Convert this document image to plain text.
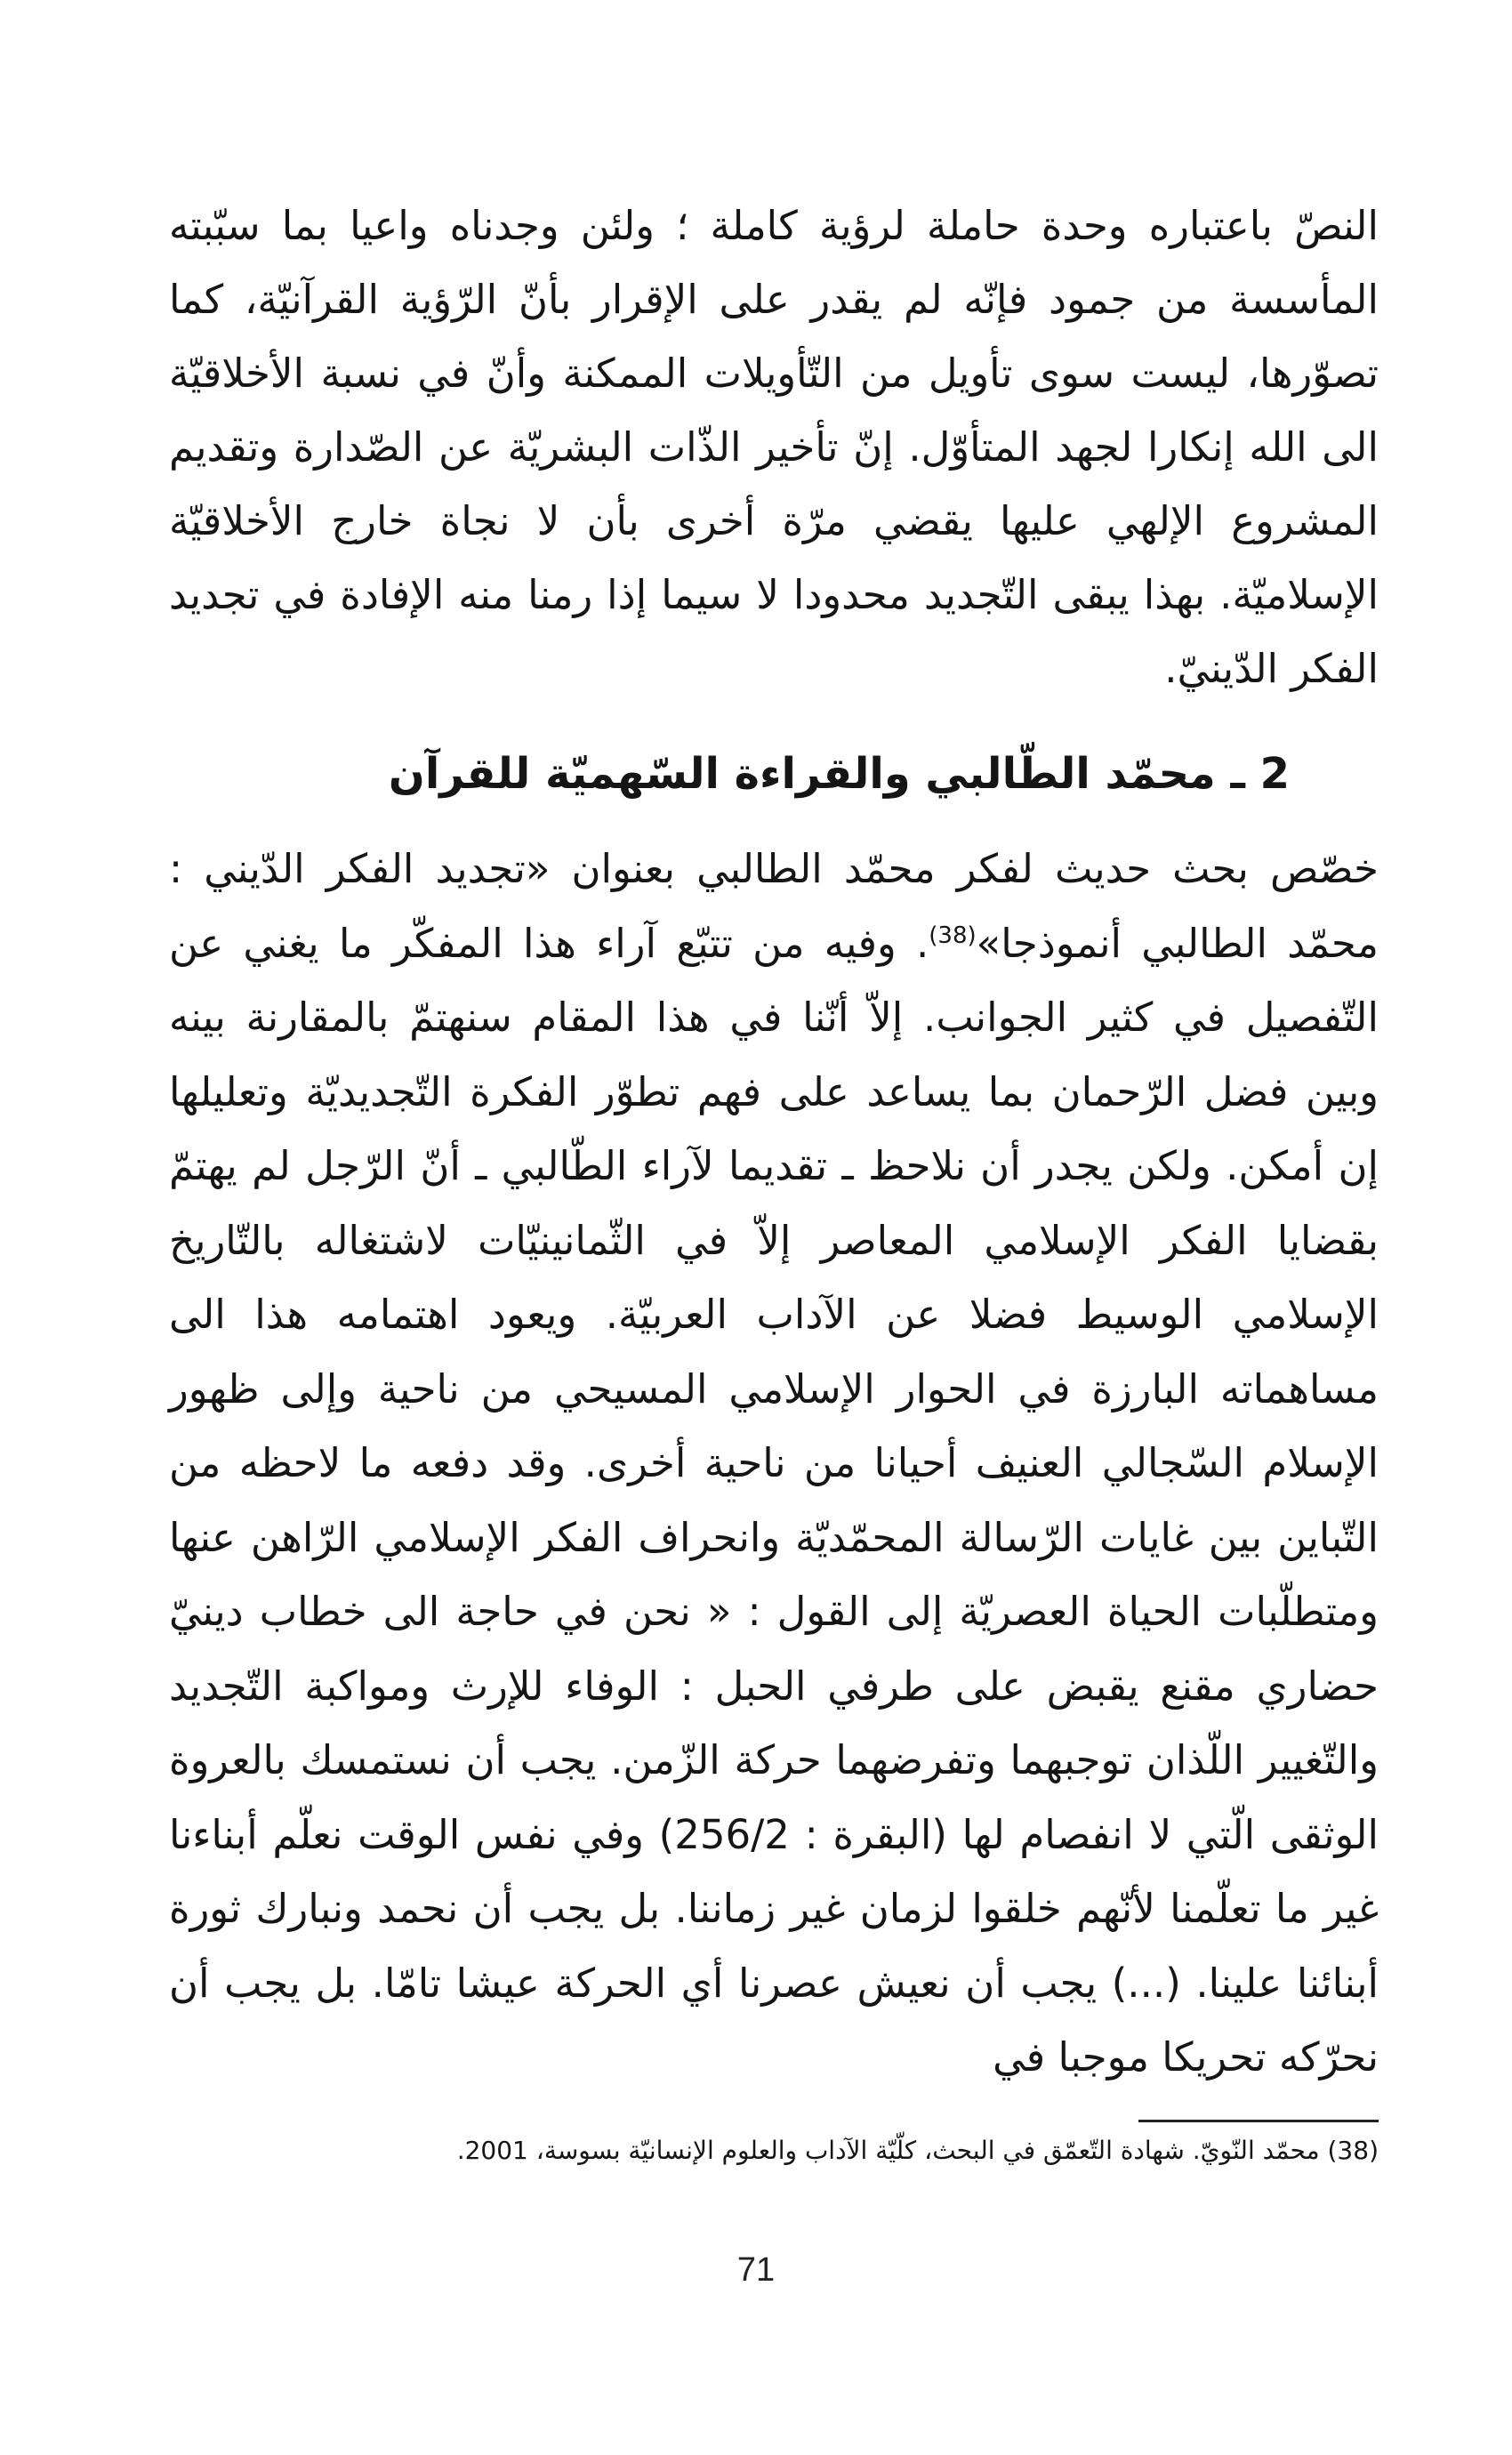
النصّ باعتباره وحدة حاملة لرؤية كاملة ؛ ولئن وجدناه واعيا بما سبّبته المأسسة من جمود فإنّه لم يقدر على الإقرار بأنّ الرّؤية القرآنيّة، كما تصوّرها، ليست سوى تأويل من التّأويلات الممكنة وأنّ في نسبة الأخلاقيّة الى الله إنكارا لجهد المتأوّل. إنّ تأخير الذّات البشريّة عن الصّدارة وتقديم المشروع الإلهي عليها يقضي مرّة أخرى بأن لا نجاة خارج الأخلاقيّة الإسلاميّة. بهذا يبقى التّجديد محدودا لا سيما إذا رمنا منه الإفادة في تجديد الفكر الدّينيّ.
2 ـ محمّد الطّالبي والقراءة السّهميّة للقرآن
خصّص بحث حديث لفكر محمّد الطالبي بعنوان «تجديد الفكر الدّيني : محمّد الطالبي أنموذجا»$^{(38)}$. وفيه من تتبّع آراء هذا المفكّر ما يغني عن التّفصيل في كثير الجوانب. إلاّ أنّنا في هذا المقام سنهتمّ بالمقارنة بينه وبين فضل الرّحمان بما يساعد على فهم تطوّر الفكرة التّجديديّة وتعليلها إن أمكن. ولكن يجدر أن نلاحظ ـ تقديما لآراء الطّالبي ـ أنّ الرّجل لم يهتمّ بقضايا الفكر الإسلامي المعاصر إلاّ في الثّمانينيّات لاشتغاله بالتّاريخ الإسلامي الوسيط فضلا عن الآداب العربيّة. ويعود اهتمامه هذا الى مساهماته البارزة في الحوار الإسلامي المسيحي من ناحية وإلى ظهور الإسلام السّجالي العنيف أحيانا من ناحية أخرى. وقد دفعه ما لاحظه من التّباين بين غايات الرّسالة المحمّديّة وانحراف الفكر الإسلامي الرّاهن عنها ومتطلّبات الحياة العصريّة إلى القول : « نحن في حاجة الى خطاب دينيّ حضاري مقنع يقبض على طرفي الحبل : الوفاء للإرث ومواكبة التّجديد والتّغيير اللّذان توجبهما وتفرضهما حركة الزّمن. يجب أن نستمسك بالعروة الوثقى الّتي لا انفصام لها (البقرة : 256/2) وفي نفس الوقت نعلّم أبناءنا غير ما تعلّمنا لأنّهم خلقوا لزمان غير زماننا. بل يجب أن نحمد ونبارك ثورة أبنائنا علينا. (...) يجب أن نعيش عصرنا أي الحركة عيشا تامّا. بل يجب أن نحرّكه تحريكا موجبا في
(38) محمّد النّويّ. شهادة التّعمّق في البحث، كلّيّة الآداب والعلوم الإنسانيّة بسوسة، 2001.
71
